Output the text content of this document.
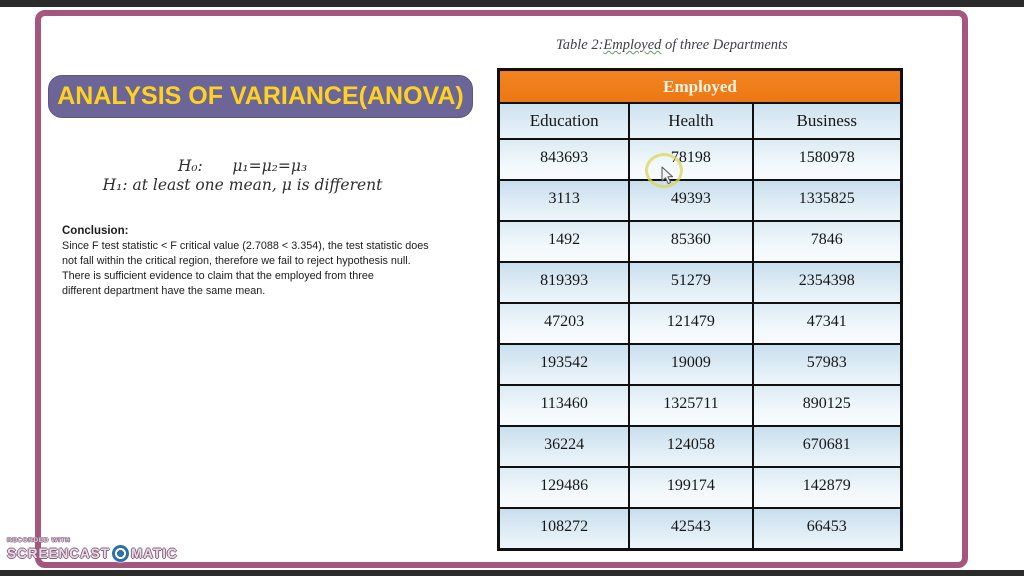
ANALYSIS OF VARIANCE(ANOVA)
H₀:      μ₁=μ₂=μ₃
H₁: at least one mean, μ is different
Conclusion:
Since F test statistic < F critical value (2.7088 < 3.354), the test statistic does
not fall within the critical region, therefore we fail to reject hypothesis null.
There is sufficient evidence to claim that the employed from three
different department have the same mean.
Table 2:Employed of three Departments
Employed		
Education	Health	Business
843693	78198	1580978
3113	49393	1335825
1492	85360	7846
819393	51279	2354398
47203	121479	47341
193542	19009	57983
113460	1325711	890125
36224	124058	670681
129486	199174	142879
108272	42543	66453
RECORDED WITH
SCREENCAST MATIC
